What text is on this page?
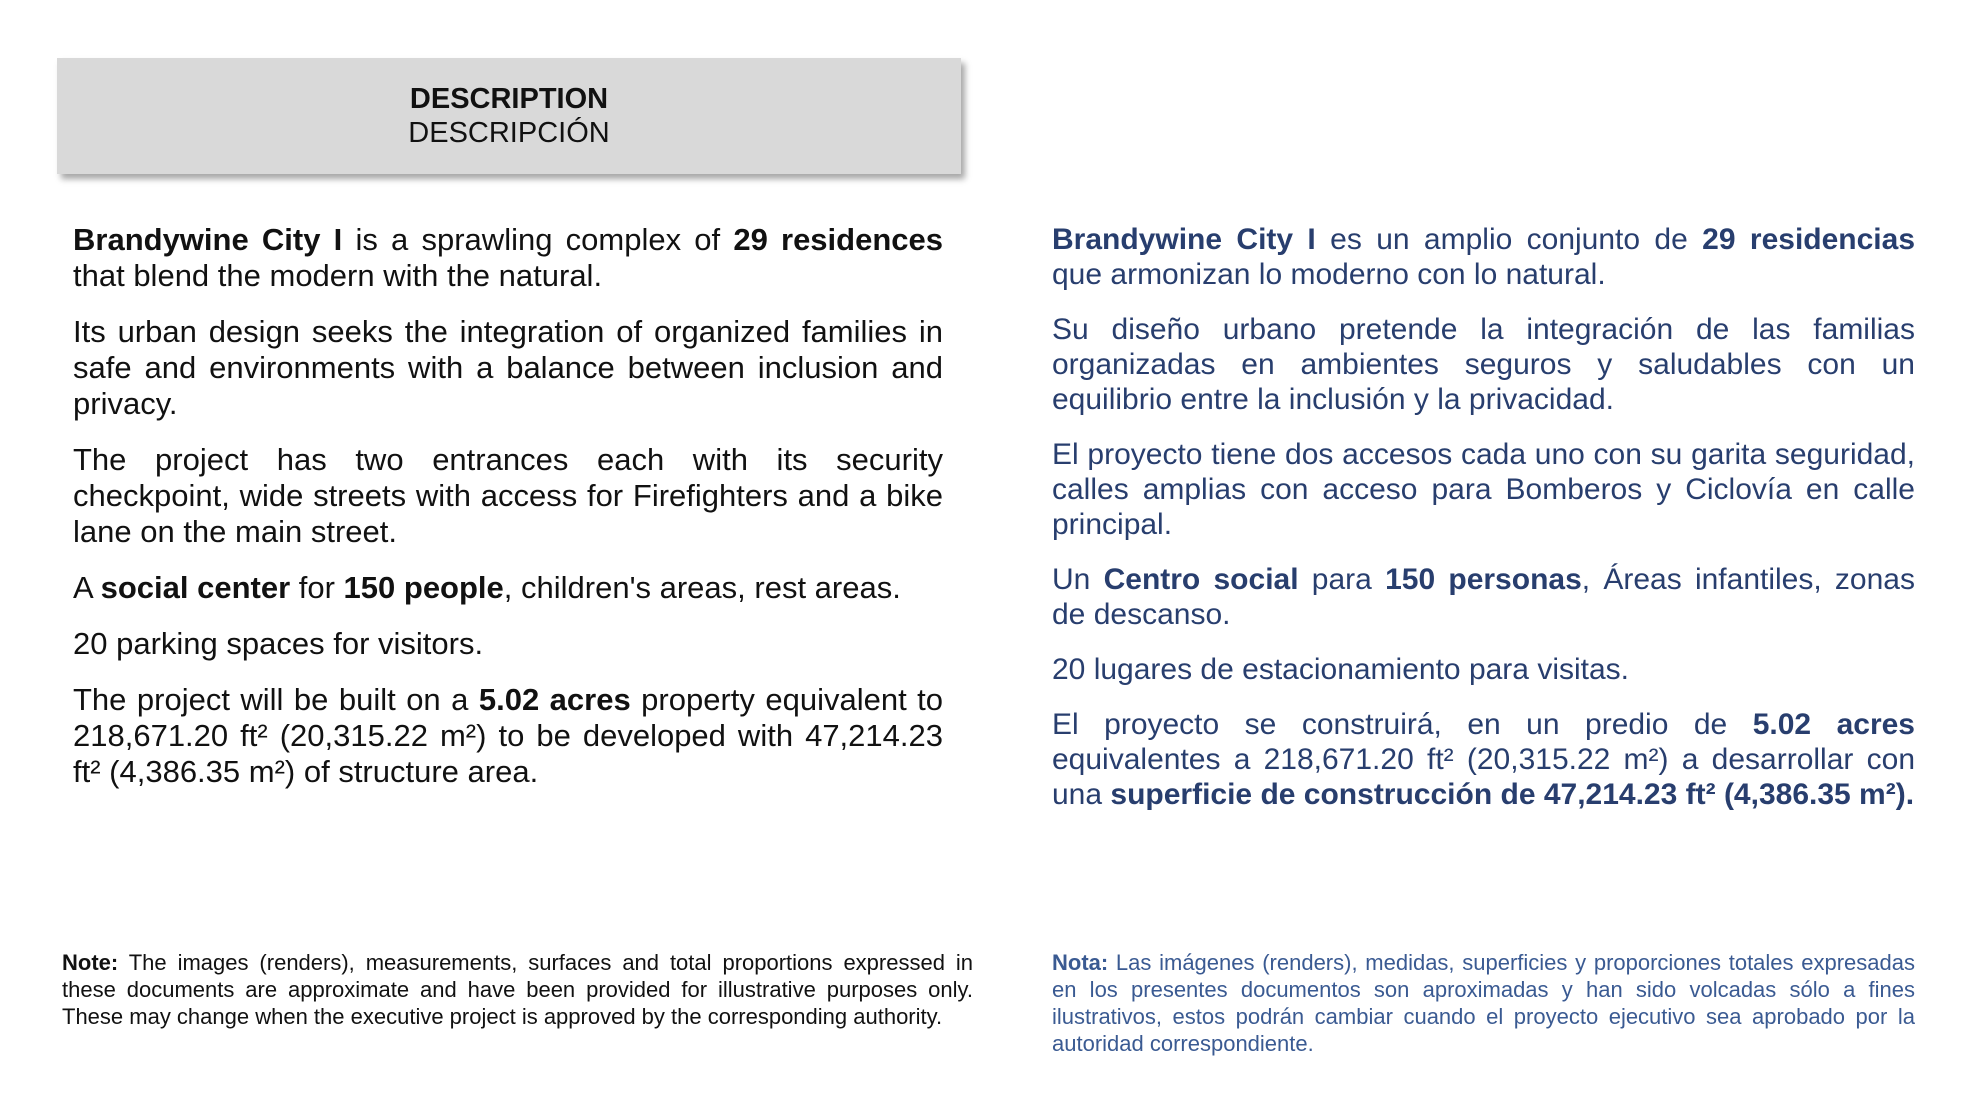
DESCRIPTION
DESCRIPCIÓN

Brandywine City I is a sprawling complex of 29 residences that blend the modern with the natural.

Its urban design seeks the integration of organized families in safe and environments with a balance between inclusion and privacy.

The project has two entrances each with its security checkpoint, wide streets with access for Firefighters and a bike lane on the main street.

A social center for 150 people, children's areas, rest areas.

20 parking spaces for visitors.

The project will be built on a 5.02 acres property equivalent to 218,671.20 ft² (20,315.22 m²) to be developed with 47,214.23 ft² (4,386.35 m²) of structure area.

Brandywine City I es un amplio conjunto de 29 residencias que armonizan lo moderno con lo natural.

Su diseño urbano pretende la integración de las familias organizadas en ambientes seguros y saludables con un equilibrio entre la inclusión y la privacidad.

El proyecto tiene dos accesos cada uno con su garita seguridad, calles amplias con acceso para Bomberos y Ciclovía en calle principal.

Un Centro social para 150 personas, Áreas infantiles, zonas de descanso.

20 lugares de estacionamiento para visitas.

El proyecto se construirá, en un predio de 5.02 acres equivalentes a 218,671.20 ft² (20,315.22 m²) a desarrollar con una superficie de construcción de 47,214.23 ft² (4,386.35 m²).

Note: The images (renders), measurements, surfaces and total proportions expressed in these documents are approximate and have been provided for illustrative purposes only. These may change when the executive project is approved by the corresponding authority.
Nota: Las imágenes (renders), medidas, superficies y proporciones totales expresadas en los presentes documentos son aproximadas y han sido volcadas sólo a fines ilustrativos, estos podrán cambiar cuando el proyecto ejecutivo sea aprobado por la autoridad correspondiente.
